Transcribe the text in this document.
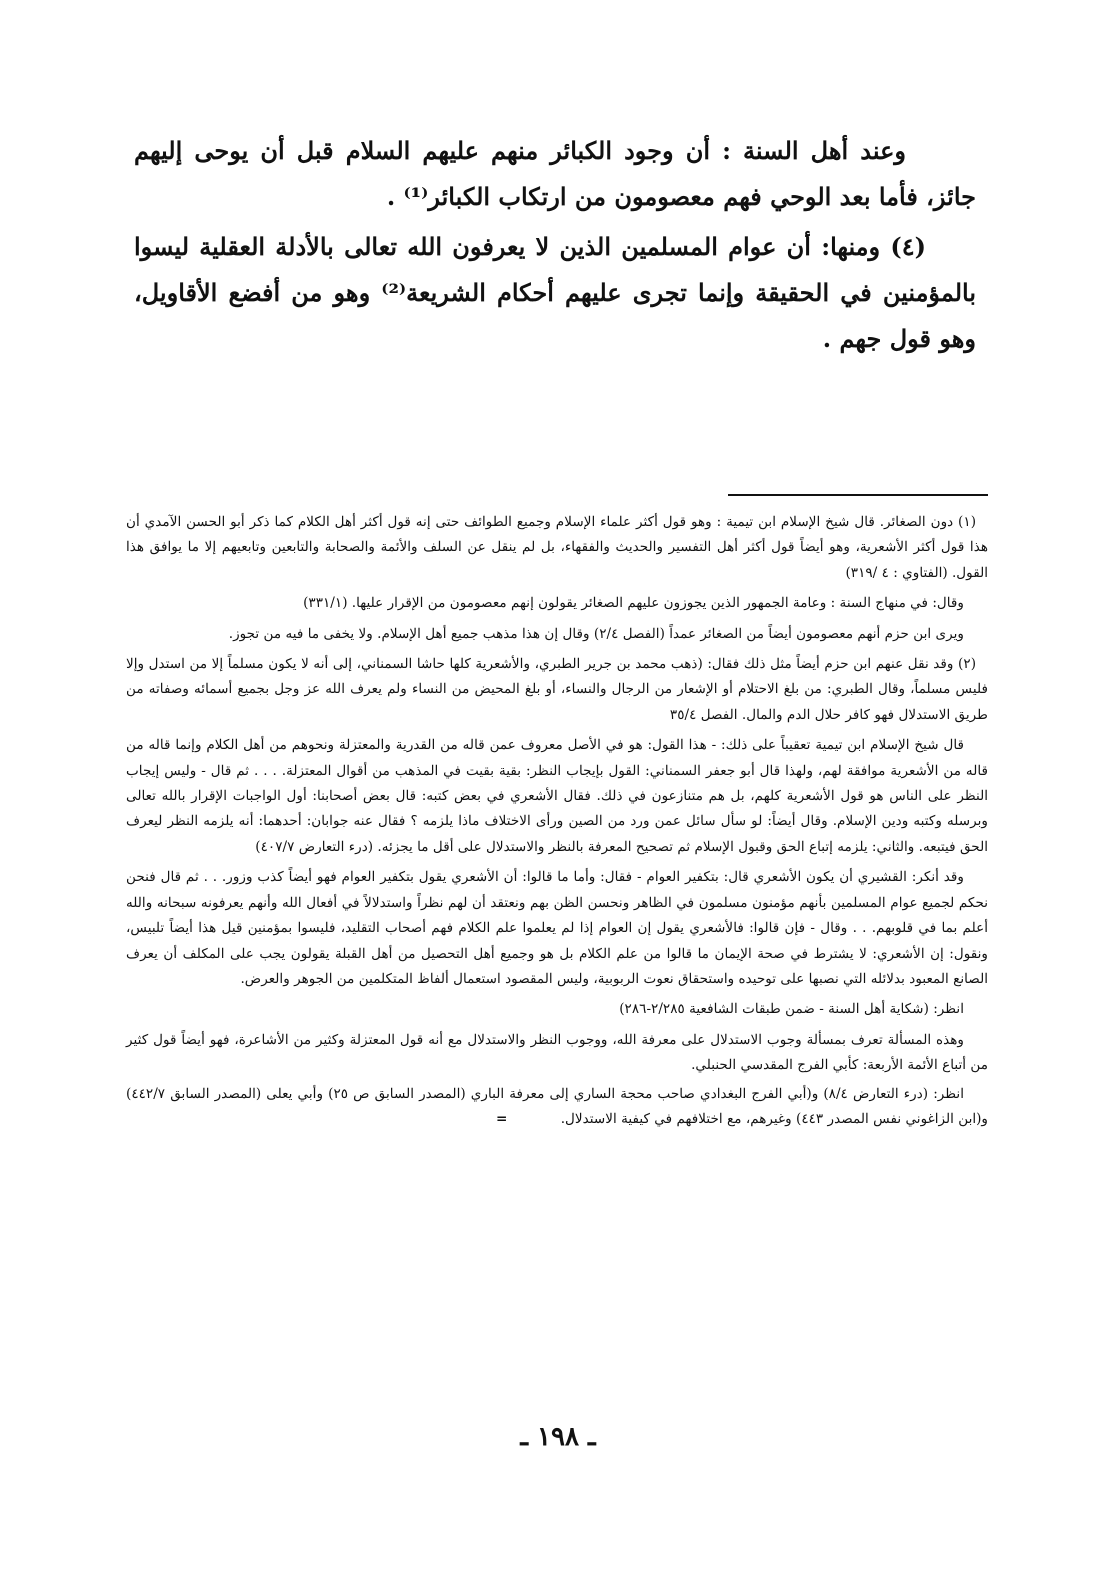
وعند أهل السنة : أن وجود الكبائر منهم عليهم السلام قبل أن يوحى إليهم جائز، فأما بعد الوحي فهم معصومون من ارتكاب الكبائر⁽¹⁾ .

(٤) ومنها: أن عوام المسلمين الذين لا يعرفون الله تعالى بالأدلة العقلية ليسوا بالمؤمنين في الحقيقة وإنما تجرى عليهم أحكام الشريعة⁽²⁾ وهو من أفضع الأقاويل، وهو قول جهم .

(١) دون الصغائر. قال شيخ الإسلام ابن تيمية : وهو قول أكثر علماء الإسلام وجميع الطوائف حتى إنه قول أكثر أهل الكلام كما ذكر أبو الحسن الآمدي أن هذا قول أكثر الأشعرية، وهو أيضاً قول أكثر أهل التفسير والحديث والفقهاء، بل لم ينقل عن السلف والأئمة والصحابة والتابعين وتابعيهم إلا ما يوافق هذا القول. (الفتاوي : ٤ /٣١٩)

وقال: في منهاج السنة : وعامة الجمهور الذين يجوزون عليهم الصغائر يقولون إنهم معصومون من الإقرار عليها. (٣٣١/١)

ويرى ابن حزم أنهم معصومون أيضاً من الصغائر عمداً (الفصل ٢/٤) وقال إن هذا مذهب جميع أهل الإسلام. ولا يخفى ما فيه من تجوز.

(٢) وقد نقل عنهم ابن حزم أيضاً مثل ذلك فقال: (ذهب محمد بن جرير الطبري، والأشعرية كلها حاشا السمناني، إلى أنه لا يكون مسلماً إلا من استدل وإلا فليس مسلماً، وقال الطبري: من بلغ الاحتلام أو الإشعار من الرجال والنساء، أو بلغ المحيض من النساء ولم يعرف الله عز وجل بجميع أسمائه وصفاته من طريق الاستدلال فهو كافر حلال الدم والمال. الفصل ٣٥/٤

قال شيخ الإسلام ابن تيمية تعقيباً على ذلك: - هذا القول: هو في الأصل معروف عمن قاله من القدرية والمعتزلة ونحوهم من أهل الكلام وإنما قاله من قاله من الأشعرية موافقة لهم، ولهذا قال أبو جعفر السمناني: القول بإيجاب النظر: بقية بقيت في المذهب من أقوال المعتزلة. . . . ثم قال - وليس إيجاب النظر على الناس هو قول الأشعرية كلهم، بل هم متنازعون في ذلك. فقال الأشعري في بعض كتبه: قال بعض أصحابنا: أول الواجبات الإقرار بالله تعالى وبرسله وكتبه ودين الإسلام. وقال أيضاً: لو سأل سائل عمن ورد من الصين ورأى الاختلاف ماذا يلزمه ؟ فقال عنه جوابان: أحدهما: أنه يلزمه النظر ليعرف الحق فيتبعه. والثاني: يلزمه إتباع الحق وقبول الإسلام ثم تصحيح المعرفة بالنظر والاستدلال على أقل ما يجزئه. (درء التعارض ٤٠٧/٧)

وقد أنكر: القشيري أن يكون الأشعري قال: بتكفير العوام - فقال: وأما ما قالوا: أن الأشعري يقول بتكفير العوام فهو أيضاً كذب وزور. . . ثم قال فنحن نحكم لجميع عوام المسلمين بأنهم مؤمنون مسلمون في الظاهر ونحسن الظن بهم ونعتقد أن لهم نظراً واستدلالاً في أفعال الله وأنهم يعرفونه سبحانه والله أعلم بما في قلوبهم. . . وقال - فإن قالوا: فالأشعري يقول إن العوام إذا لم يعلموا علم الكلام فهم أصحاب التقليد، فليسوا بمؤمنين قيل هذا أيضاً تلبيس، ونقول: إن الأشعري: لا يشترط في صحة الإيمان ما قالوا من علم الكلام بل هو وجميع أهل التحصيل من أهل القبلة يقولون يجب على المكلف أن يعرف الصانع المعبود بدلائله التي نصبها على توحيده واستحقاق نعوت الربوبية، وليس المقصود استعمال ألفاظ المتكلمين من الجوهر والعرض.

انظر: (شكاية أهل السنة - ضمن طبقات الشافعية ٢/٢٨٥-٢٨٦)

وهذه المسألة تعرف بمسألة وجوب الاستدلال على معرفة الله، ووجوب النظر والاستدلال مع أنه قول المعتزلة وكثير من الأشاعرة، فهو أيضاً قول كثير من أتباع الأئمة الأربعة: كأبي الفرج المقدسي الحنبلي.

انظر: (درء التعارض ٨/٤) و(أبي الفرج البغدادي صاحب محجة الساري إلى معرفة الباري (المصدر السابق ص ٢٥) وأبي يعلى (المصدر السابق ٤٤٢/٧) و(ابن الزاغوني نفس المصدر ٤٤٣) وغيرهم، مع اختلافهم في كيفية الاستدلال. =

ـ ١٩٨ ـ
